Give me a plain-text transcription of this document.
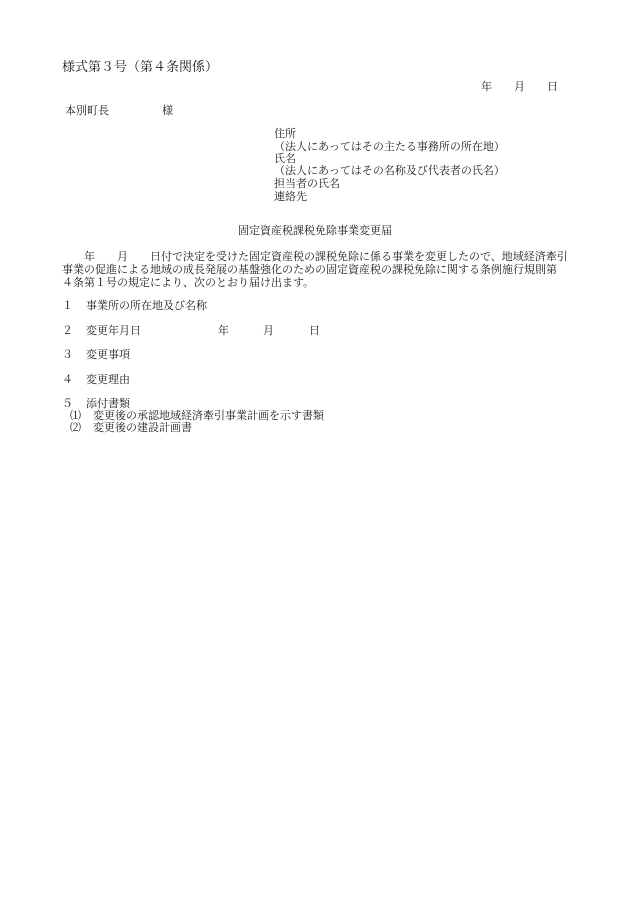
様式第３号（第４条関係）
年 月 日
本別町長	様
住所
（法人にあってはその主たる事務所の所在地）
氏名
（法人にあってはその名称及び代表者の氏名）
担当者の氏名
連絡先
固定資産税課税免除事業変更届
　　年　　月　　日付で決定を受けた固定資産税の課税免除に係る事業を変更したので、地域経済牽引
事業の促進による地域の成長発展の基盤強化のための固定資産税の課税免除に関する条例施行規則第
４条第１号の規定により、次のとおり届け出ます。
１ 事業所の所在地及び名称
２ 変更年月日	年	月	日
３ 変更事項
４ 変更理由
５ 添付書類
⑴ 変更後の承認地域経済牽引事業計画を示す書類
⑵ 変更後の建設計画書
